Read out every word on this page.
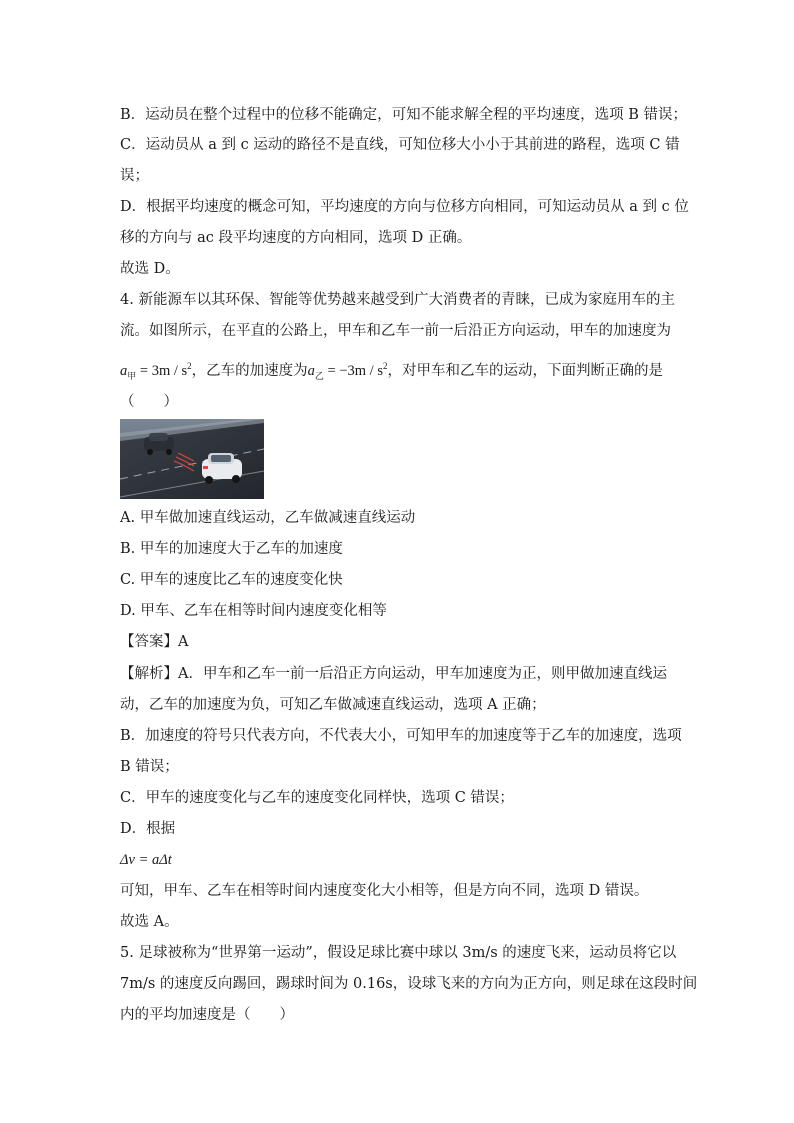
B．运动员在整个过程中的位移不能确定，可知不能求解全程的平均速度，选项 B 错误；
C．运动员从 a 到 c 运动的路径不是直线，可知位移大小小于其前进的路程，选项 C 错
误；
D．根据平均速度的概念可知，平均速度的方向与位移方向相同，可知运动员从 a 到 c 位
移的方向与 ac 段平均速度的方向相同，选项 D 正确。
故选 D。
4. 新能源车以其环保、智能等优势越来越受到广大消费者的青睐，已成为家庭用车的主
流。如图所示，在平直的公路上，甲车和乙车一前一后沿正方向运动，甲车的加速度为
$a_甲 = 3m / s^2$，乙车的加速度为$a_乙 = -3m / s^2$，对甲车和乙车的运动，下面判断正确的是
（　　）
A. 甲车做加速直线运动，乙车做减速直线运动
B. 甲车的加速度大于乙车的加速度
C. 甲车的速度比乙车的速度变化快
D. 甲车、乙车在相等时间内速度变化相等
【答案】A
【解析】A．甲车和乙车一前一后沿正方向运动，甲车加速度为正，则甲做加速直线运
动，乙车的加速度为负，可知乙车做减速直线运动，选项 A 正确；
B．加速度的符号只代表方向，不代表大小，可知甲车的加速度等于乙车的加速度，选项
B 错误；
C．甲车的速度变化与乙车的速度变化同样快，选项 C 错误；
D．根据
Δv = aΔt
可知，甲车、乙车在相等时间内速度变化大小相等，但是方向不同，选项 D 错误。
故选 A。
5. 足球被称为“世界第一运动”，假设足球比赛中球以 3m/s 的速度飞来，运动员将它以
7m/s 的速度反向踢回，踢球时间为 0.16s，设球飞来的方向为正方向，则足球在这段时间
内的平均加速度是（　　）
